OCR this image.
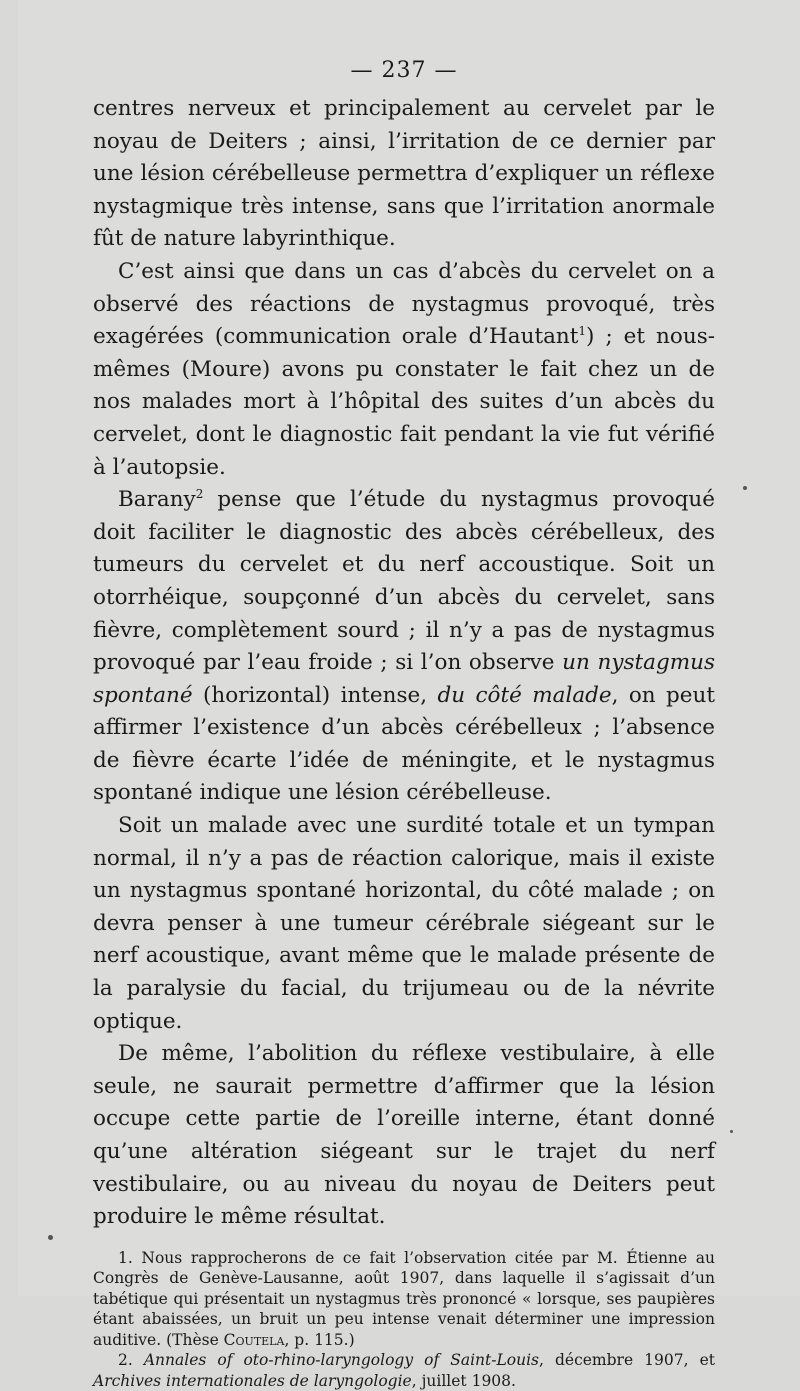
— 237 —

centres nerveux et principalement au cervelet par le noyau de Deiters ; ainsi, l’irritation de ce dernier par une lésion cérébelleuse permettra d’expliquer un réflexe nystagmique très intense, sans que l’irritation anormale fût de nature labyrinthique.

C’est ainsi que dans un cas d’abcès du cervelet on a observé des réactions de nystagmus provoqué, très exagérées (communication orale d’Hautant$^1$) ; et nous-mêmes (Moure) avons pu constater le fait chez un de nos malades mort à l’hôpital des suites d’un abcès du cervelet, dont le diagnostic fait pendant la vie fut vérifié à l’autopsie.

Barany$^2$ pense que l’étude du nystagmus provoqué doit faciliter le diagnostic des abcès cérébelleux, des tumeurs du cervelet et du nerf accoustique. Soit un otorrhéique, soupçonné d’un abcès du cervelet, sans fièvre, complètement sourd ; il n’y a pas de nystagmus provoqué par l’eau froide ; si l’on observe un nystagmus spontané (horizontal) intense, du côté malade, on peut affirmer l’existence d’un abcès cérébelleux ; l’absence de fièvre écarte l’idée de méningite, et le nystagmus spontané indique une lésion cérébelleuse.

Soit un malade avec une surdité totale et un tympan normal, il n’y a pas de réaction calorique, mais il existe un nystagmus spontané horizontal, du côté malade ; on devra penser à une tumeur cérébrale siégeant sur le nerf acoustique, avant même que le malade présente de la paralysie du facial, du trijumeau ou de la névrite optique.

De même, l’abolition du réflexe vestibulaire, à elle seule, ne saurait permettre d’affirmer que la lésion occupe cette partie de l’oreille interne, étant donné qu’une altération siégeant sur le trajet du nerf vestibulaire, ou au niveau du noyau de Deiters peut produire le même résultat.

1. Nous rapprocherons de ce fait l’observation citée par M. Étienne au Congrès de Genève-Lausanne, août 1907, dans laquelle il s’agissait d’un tabétique qui présentait un nystagmus très prononcé « lorsque, ses paupières étant abaissées, un bruit un peu intense venait déterminer une impression auditive. (Thèse Coutela, p. 115.)

2. Annales of oto-rhino-laryngology of Saint-Louis, décembre 1907, et Archives internationales de laryngologie, juillet 1908.
